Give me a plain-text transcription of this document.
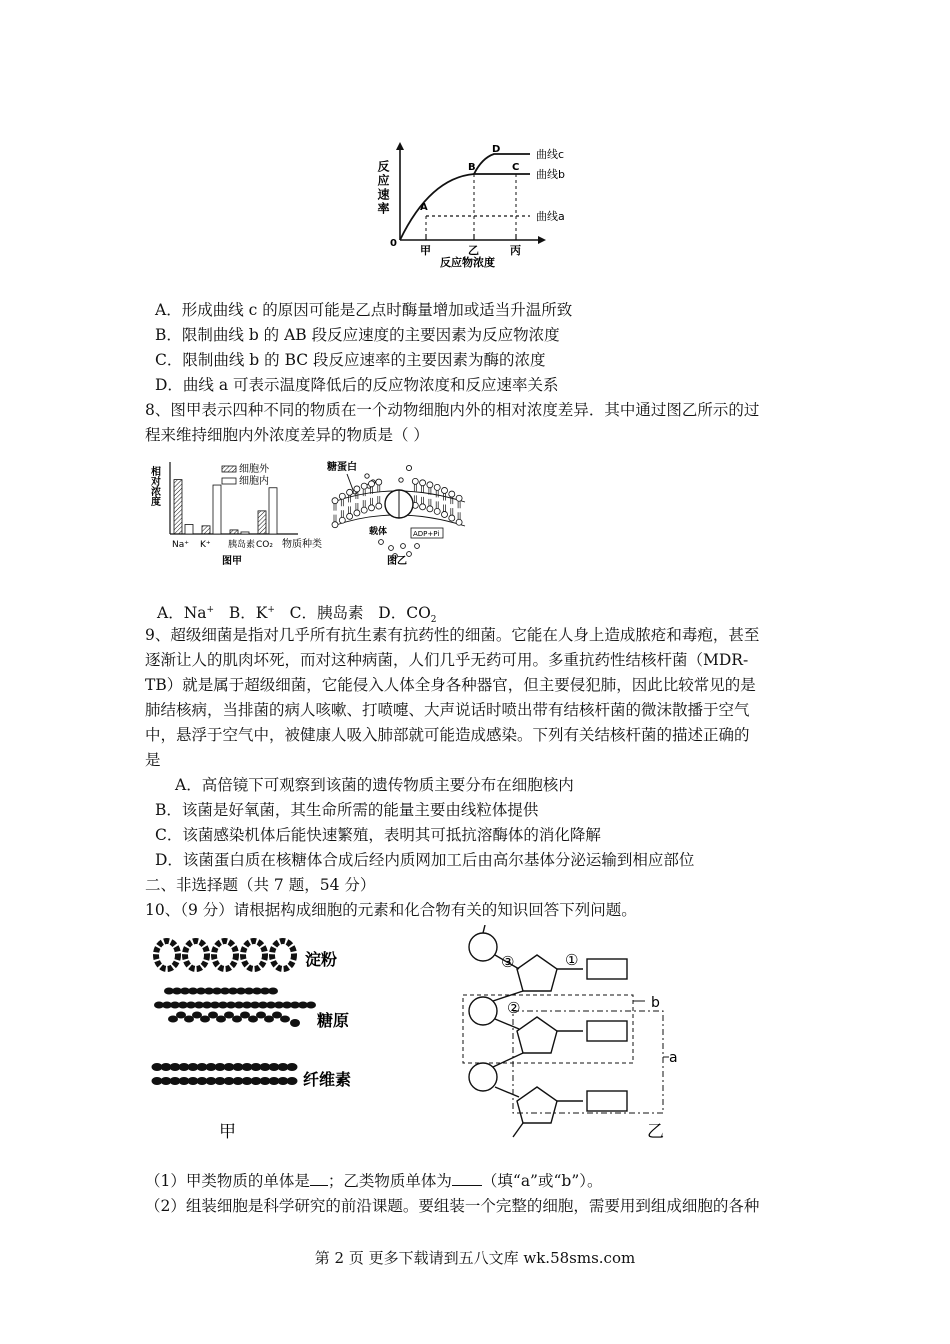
反应速率
0
甲	乙	丙
反应物浓度
A
B	C
D	曲线c
曲线b
曲线a
A．形成曲线 c 的原因可能是乙点时酶量增加或适当升温所致
B．限制曲线 b 的 AB 段反应速度的主要因素为反应物浓度
C．限制曲线 b 的 BC 段反应速率的主要因素为酶的浓度
D．曲线 a 可表示温度降低后的反应物浓度和反应速率关系
8、图甲表示四种不同的物质在一个动物细胞内外的相对浓度差异．其中通过图乙所示的过
程来维持细胞内外浓度差异的物质是（ ）
相对浓度	细胞外
细胞内
Na⁺ K⁺ 胰岛素 CO₂ 物质种类
图甲
糖蛋白
载体	ADP+Pi
图乙
A．Na+ B．K+ C．胰岛素 D．$CO_2$
9、超级细菌是指对几乎所有抗生素有抗药性的细菌。它能在人身上造成脓疮和毒疱，甚至
逐渐让人的肌肉坏死，而对这种病菌，人们几乎无药可用。多重抗药性结核杆菌（MDR-
TB）就是属于超级细菌，它能侵入人体全身各种器官，但主要侵犯肺，因此比较常见的是
肺结核病，当排菌的病人咳嗽、打喷嚏、大声说话时喷出带有结核杆菌的微沫散播于空气
中，悬浮于空气中，被健康人吸入肺部就可能造成感染。下列有关结核杆菌的描述正确的
是
A．高倍镜下可观察到该菌的遗传物质主要分布在细胞核内
B．该菌是好氧菌，其生命所需的能量主要由线粒体提供
C．该菌感染机体后能快速繁殖，表明其可抵抗溶酶体的消化降解
D．该菌蛋白质在核糖体合成后经内质网加工后由高尔基体分泌运输到相应部位
二、非选择题（共 7 题，54 分）
10、（9 分）请根据构成细胞的元素和化合物有关的知识回答下列问题。
淀粉
糖原
纤维素
甲
b
a
③	①
②
乙
（1）甲类物质的单体是 ；乙类物质单体为 （填“a”或“b”）。
（2）组装细胞是科学研究的前沿课题。要组装一个完整的细胞，需要用到组成细胞的各种
第 2 页 更多下载请到五八文库 wk.58sms.com
